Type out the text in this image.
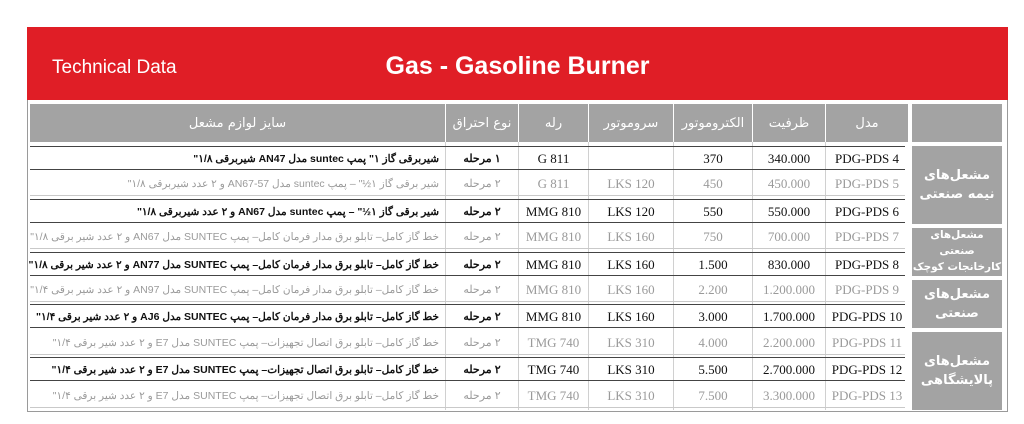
Technical Data	Gas - Gasoline Burner
مدل
ظرفیت
الکتروموتور
سروموتور
رله
نوع احتراق
سایز لوازم مشعل
مشعل‌های نیمه صنعتی
مشعل‌های صنعتی کارخانجات کوچک
مشعل‌های صنعتی
مشعل‌های پالایشگاهی
PDG-PDS 4
340.000
370
G 811
۱ مرحله
شیربرقی گاز ۱" پمپ suntec مدل AN47 شیربرقی ۱/۸"
PDG-PDS 5
450.000
450
LKS 120
G 811
۲ مرحله
شیر برقی گاز ۱½" – پمپ suntec مدل AN67-57 و ۲ عدد شیربرقی ۱/۸"
PDG-PDS 6
550.000
550
LKS 120
MMG 810
۲ مرحله
شیر برقی گاز ۱½" – پمپ suntec مدل AN67 و ۲ عدد شیربرقی ۱/۸"
PDG-PDS 7
700.000
750
LKS 160
MMG 810
۲ مرحله
خط گاز کامل– تابلو برق مدار فرمان کامل– پمپ SUNTEC مدل AN67 و ۲ عدد شیر برقی ۱/۸"
PDG-PDS 8
830.000
1.500
LKS 160
MMG 810
۲ مرحله
خط گاز کامل– تابلو برق مدار فرمان کامل– پمپ SUNTEC مدل AN77 و ۲ عدد شیر برقی ۱/۸"
PDG-PDS 9
1.200.000
2.200
LKS 160
MMG 810
۲ مرحله
خط گاز کامل– تابلو برق مدار فرمان کامل– پمپ SUNTEC مدل AN97 و ۲ عدد شیر برقی ۱/۴"
PDG-PDS 10
1.700.000
3.000
LKS 160
MMG 810
۲ مرحله
خط گاز کامل– تابلو برق مدار فرمان کامل– پمپ SUNTEC مدل AJ6 و ۲ عدد شیر برقی ۱/۴"
PDG-PDS 11
2.200.000
4.000
LKS 310
TMG 740
۲ مرحله
خط گاز کامل– تابلو برق اتصال تجهیزات– پمپ SUNTEC مدل E7 و ۲ عدد شیر برقی ۱/۴"
PDG-PDS 12
2.700.000
5.500
LKS 310
TMG 740
۲ مرحله
خط گاز کامل– تابلو برق اتصال تجهیزات– پمپ SUNTEC مدل E7 و ۲ عدد شیر برقی ۱/۴"
PDG-PDS 13
3.300.000
7.500
LKS 310
TMG 740
۲ مرحله
خط گاز کامل– تابلو برق اتصال تجهیزات– پمپ SUNTEC مدل E7 و ۲ عدد شیر برقی ۱/۴"
